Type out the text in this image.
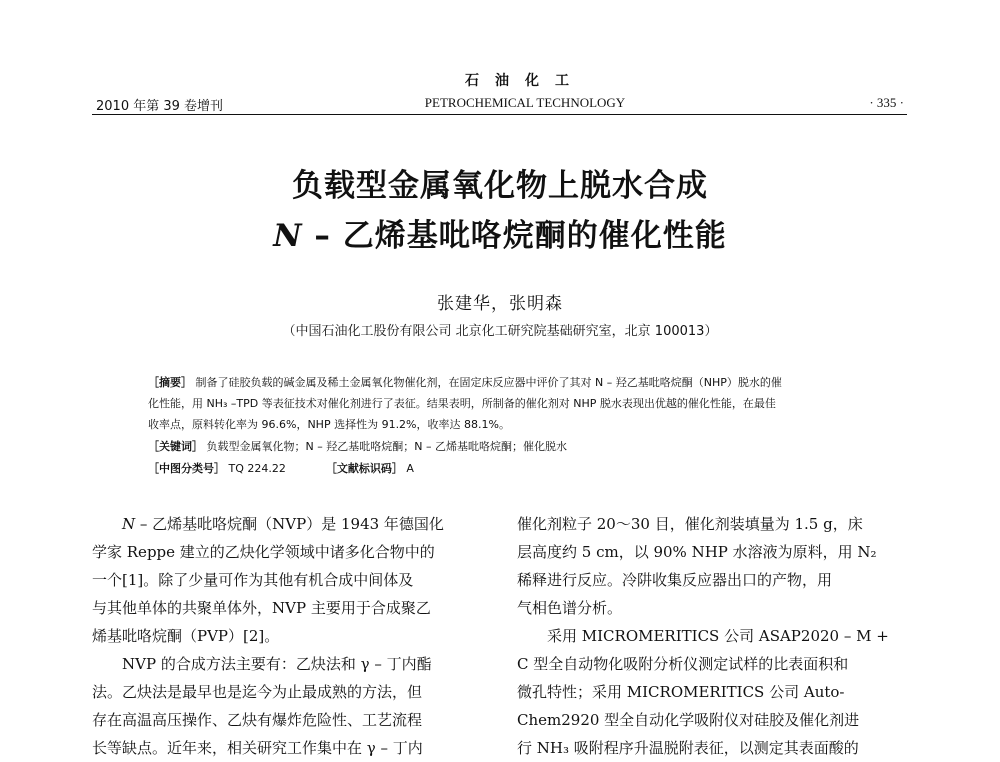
石油化工
2010 年第 39 卷增刊	PETROCHEMICAL TECHNOLOGY	· 335 ·
负载型金属氧化物上脱水合成
N – 乙烯基吡咯烷酮的催化性能
张建华，张明森
（中国石油化工股份有限公司 北京化工研究院基础研究室，北京 100013）
［摘要］ 制备了硅胶负载的碱金属及稀土金属氧化物催化剂，在固定床反应器中评价了其对 N – 羟乙基吡咯烷酮（NHP）脱水的催
化性能，用 NH₃ –TPD 等表征技术对催化剂进行了表征。结果表明，所制备的催化剂对 NHP 脱水表现出优越的催化性能，在最佳
收率点，原料转化率为 96.6%，NHP 选择性为 91.2%，收率达 88.1%。
［关键词］ 负载型金属氧化物；N – 羟乙基吡咯烷酮；N – 乙烯基吡咯烷酮；催化脱水
［中图分类号］ TQ 224.22	［文献标识码］ A

N – 乙烯基吡咯烷酮（NVP）是 1943 年德国化

学家 Reppe 建立的乙炔化学领域中诸多化合物中的

一个[1]。除了少量可作为其他有机合成中间体及

与其他单体的共聚单体外，NVP 主要用于合成聚乙

烯基吡咯烷酮（PVP）[2]。

NVP 的合成方法主要有：乙炔法和 γ – 丁内酯

法。乙炔法是最早也是迄今为止最成熟的方法，但

存在高温高压操作、乙炔有爆炸危险性、工艺流程

长等缺点。近年来，相关研究工作集中在 γ – 丁内

催化剂粒子 20～30 目，催化剂装填量为 1.5 g，床

层高度约 5 cm，以 90% NHP 水溶液为原料，用 N₂

稀释进行反应。冷阱收集反应器出口的产物，用

气相色谱分析。

采用 MICROMERITICS 公司 ASAP2020 – M +

C 型全自动物化吸附分析仪测定试样的比表面积和

微孔特性；采用 MICROMERITICS 公司 Auto-

Chem2920 型全自动化学吸附仪对硅胶及催化剂进

行 NH₃ 吸附程序升温脱附表征，以测定其表面酸的
